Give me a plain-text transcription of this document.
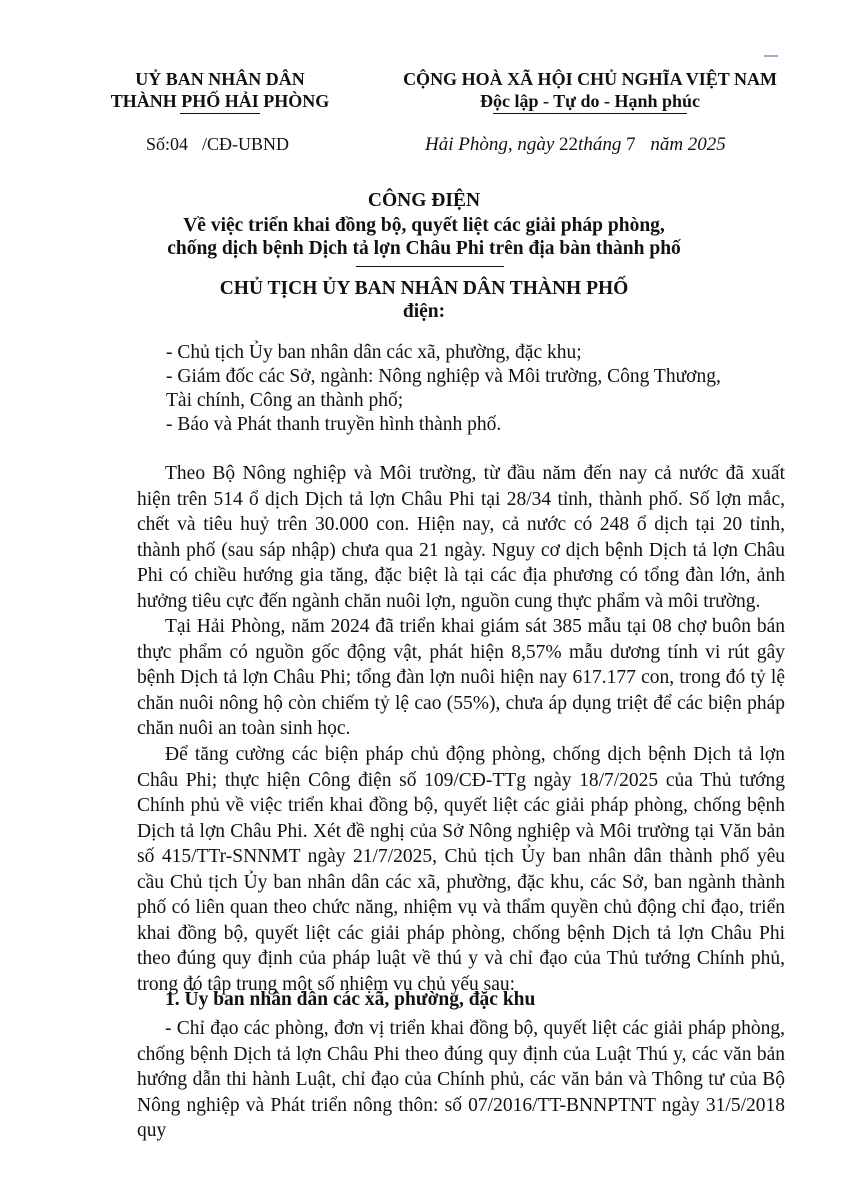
UỶ BAN NHÂN DÂN
THÀNH PHỐ HẢI PHÒNG
CỘNG HOÀ XÃ HỘI CHỦ NGHĨA VIỆT NAM
Độc lập - Tự do - Hạnh phúc
Số:04 /CĐ-UBND	Hải Phòng, ngày 22tháng 7 năm 2025
CÔNG ĐIỆN
Về việc triển khai đồng bộ, quyết liệt các giải pháp phòng,
chống dịch bệnh Dịch tả lợn Châu Phi trên địa bàn thành phố
CHỦ TỊCH ỦY BAN NHÂN DÂN THÀNH PHỐ
điện:
- Chủ tịch Ủy ban nhân dân các xã, phường, đặc khu;
- Giám đốc các Sở, ngành: Nông nghiệp và Môi trường, Công Thương,
Tài chính, Công an thành phố;
- Báo và Phát thanh truyền hình thành phố.
Theo Bộ Nông nghiệp và Môi trường, từ đầu năm đến nay cả nước đã xuất hiện trên 514 ổ dịch Dịch tả lợn Châu Phi tại 28/34 tỉnh, thành phố. Số lợn mắc, chết và tiêu huỷ trên 30.000 con. Hiện nay, cả nước có 248 ổ dịch tại 20 tỉnh, thành phố (sau sáp nhập) chưa qua 21 ngày. Nguy cơ dịch bệnh Dịch tả lợn Châu Phi có chiều hướng gia tăng, đặc biệt là tại các địa phương có tổng đàn lớn, ảnh hưởng tiêu cực đến ngành chăn nuôi lợn, nguồn cung thực phẩm và môi trường.
Tại Hải Phòng, năm 2024 đã triển khai giám sát 385 mẫu tại 08 chợ buôn bán thực phẩm có nguồn gốc động vật, phát hiện 8,57% mẫu dương tính vi rút gây bệnh Dịch tả lợn Châu Phi; tổng đàn lợn nuôi hiện nay 617.177 con, trong đó tỷ lệ chăn nuôi nông hộ còn chiếm tỷ lệ cao (55%), chưa áp dụng triệt để các biện pháp chăn nuôi an toàn sinh học.
Để tăng cường các biện pháp chủ động phòng, chống dịch bệnh Dịch tả lợn Châu Phi; thực hiện Công điện số 109/CĐ-TTg ngày 18/7/2025 của Thủ tướng Chính phủ về việc triển khai đồng bộ, quyết liệt các giải pháp phòng, chống bệnh Dịch tả lợn Châu Phi. Xét đề nghị của Sở Nông nghiệp và Môi trường tại Văn bản số 415/TTr-SNNMT ngày 21/7/2025, Chủ tịch Ủy ban nhân dân thành phố yêu cầu Chủ tịch Ủy ban nhân dân các xã, phường, đặc khu, các Sở, ban ngành thành phố có liên quan theo chức năng, nhiệm vụ và thẩm quyền chủ động chỉ đạo, triển khai đồng bộ, quyết liệt các giải pháp phòng, chống bệnh Dịch tả lợn Châu Phi theo đúng quy định của pháp luật về thú y và chỉ đạo của Thủ tướng Chính phủ, trong đó tập trung một số nhiệm vụ chủ yếu sau:
1. Ủy ban nhân dân các xã, phường, đặc khu
- Chỉ đạo các phòng, đơn vị triển khai đồng bộ, quyết liệt các giải pháp phòng, chống bệnh Dịch tả lợn Châu Phi theo đúng quy định của Luật Thú y, các văn bản hướng dẫn thi hành Luật, chỉ đạo của Chính phủ, các văn bản và Thông tư của Bộ Nông nghiệp và Phát triển nông thôn: số 07/2016/TT-BNNPTNT ngày 31/5/2018 quy
